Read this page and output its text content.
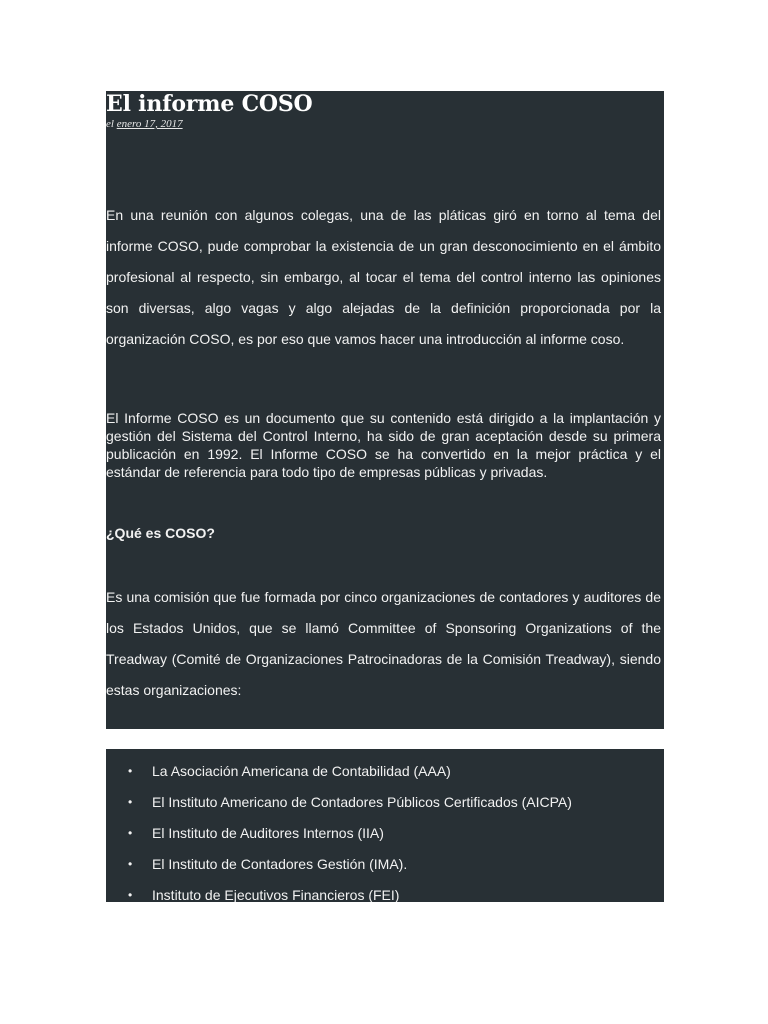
El informe COSO
el enero 17, 2017

En una reunión con algunos colegas, una de las pláticas giró en torno al tema del informe COSO, pude comprobar la existencia de un gran desconocimiento en el ámbito profesional al respecto, sin embargo, al tocar el tema del control interno las opiniones son diversas, algo vagas y algo alejadas de la definición proporcionada por la organización COSO, es por eso que vamos hacer una introducción al informe coso.

El Informe COSO es un documento que su contenido está dirigido a la implantación y gestión del Sistema del Control Interno, ha sido de gran aceptación desde su primera publicación en 1992. El Informe COSO se ha convertido en la mejor práctica y el estándar de referencia para todo tipo de empresas públicas y privadas.

¿Qué es COSO?

Es una comisión que fue formada por cinco organizaciones de contadores y auditores de los Estados Unidos, que se llamó Committee of Sponsoring Organizations of the Treadway (Comité de Organizaciones Patrocinadoras de la Comisión Treadway), siendo estas organizaciones:

• La Asociación Americana de Contabilidad (AAA)
• El Instituto Americano de Contadores Públicos Certificados (AICPA)
• El Instituto de Auditores Internos (IIA)
• El Instituto de Contadores Gestión (IMA).
• Instituto de Ejecutivos Financieros (FEI)
